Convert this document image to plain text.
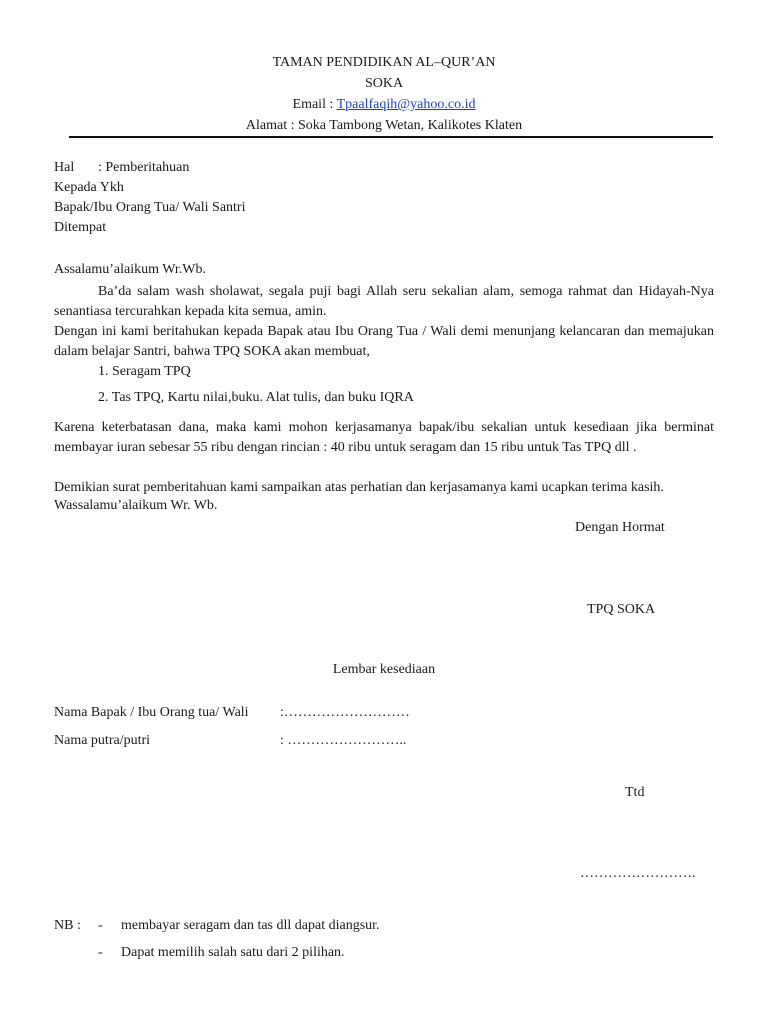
TAMAN PENDIDIKAN AL–QUR’AN
SOKA
Email : Tpaalfaqih@yahoo.co.id
Alamat : Soka Tambong Wetan, Kalikotes Klaten
Hal : Pemberitahuan
Kepada Ykh
Bapak/Ibu Orang Tua/ Wali Santri
Ditempat
Assalamu’alaikum Wr.Wb.
Ba’da salam wash sholawat, segala puji bagi Allah seru sekalian alam, semoga rahmat dan Hidayah-Nya senantiasa tercurahkan kepada kita semua, amin.
Dengan ini kami beritahukan kepada Bapak atau Ibu Orang Tua / Wali demi menunjang kelancaran dan memajukan dalam belajar Santri, bahwa TPQ SOKA akan membuat,
1. Seragam TPQ
2. Tas TPQ, Kartu nilai,buku. Alat tulis, dan buku IQRA
Karena keterbatasan dana, maka kami mohon kerjasamanya bapak/ibu sekalian untuk kesediaan jika berminat membayar iuran sebesar 55 ribu dengan rincian : 40 ribu untuk seragam dan 15 ribu untuk Tas TPQ dll .
Demikian surat pemberitahuan kami sampaikan atas perhatian dan kerjasamanya kami ucapkan terima kasih.
Wassalamu’alaikum Wr. Wb.
Dengan Hormat
TPQ SOKA
Lembar kesediaan
Nama Bapak / Ibu Orang tua/ Wali :………………………
Nama putra/putri	: ……………………..
Ttd
…………………….
NB : - membayar seragam dan tas dll dapat diangsur.
- Dapat memilih salah satu dari 2 pilihan.
